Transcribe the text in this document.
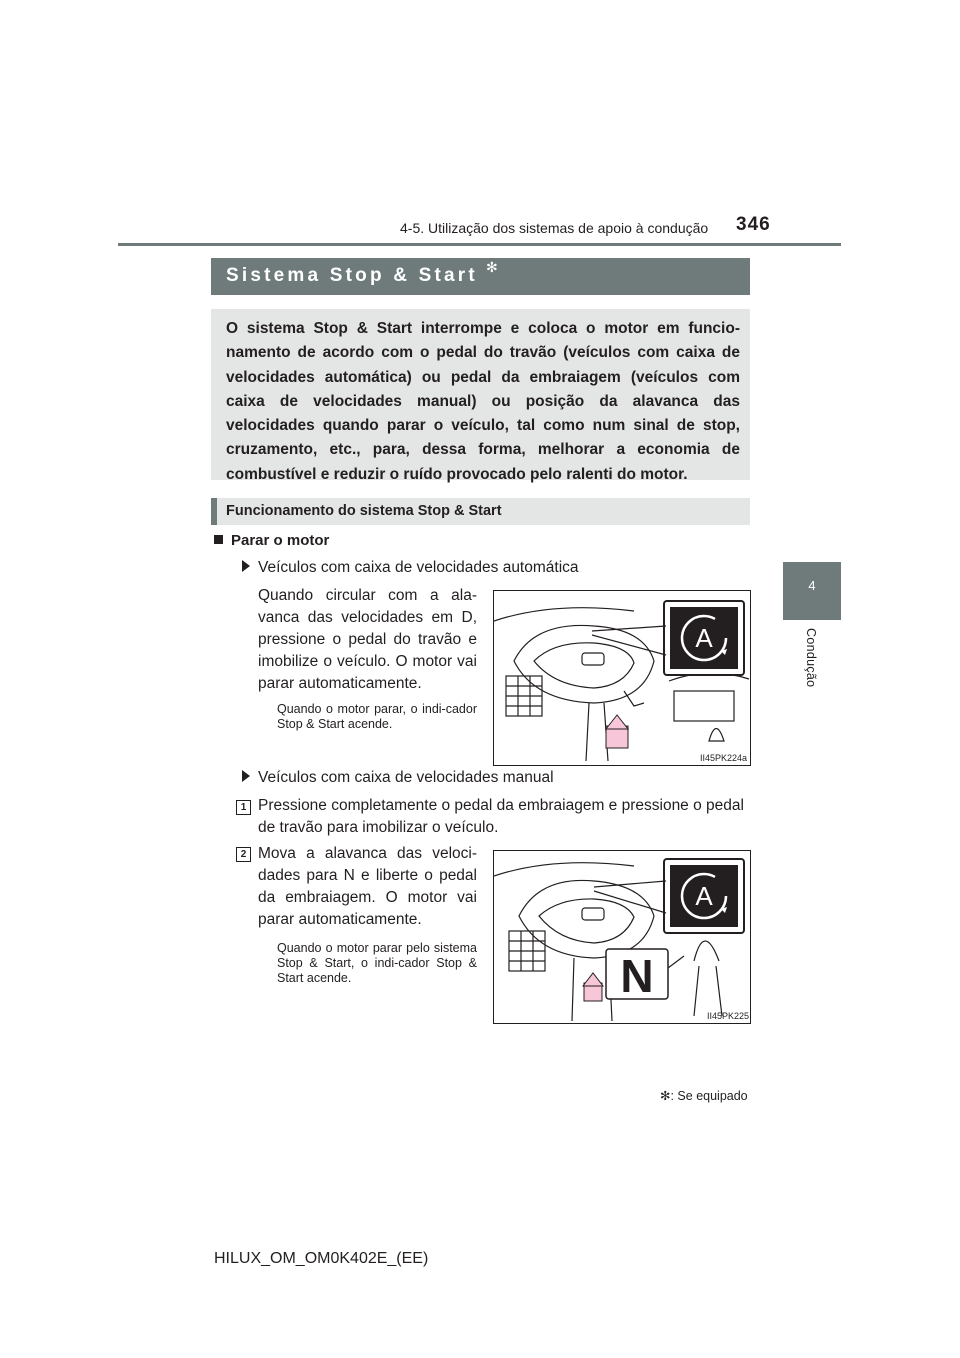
4-5. Utilização dos sistemas de apoio à condução 346
4
Condução
Sistema Stop & Start ✻
O sistema Stop & Start interrompe e coloca o motor em funcio-namento de acordo com o pedal do travão (veículos com caixa de velocidades automática) ou pedal da embraiagem (veículos com caixa de velocidades manual) ou posição da alavanca das velocidades quando parar o veículo, tal como num sinal de stop, cruzamento, etc., para, dessa forma, melhorar a economia de combustível e reduzir o ruído provocado pelo ralenti do motor.
Funcionamento do sistema Stop & Start
Parar o motor
Veículos com caixa de velocidades automática
Quando circular com a ala-vanca das velocidades em D, pressione o pedal do travão e imobilize o veículo. O motor vai parar automaticamente.
Quando o motor parar, o indi-cador Stop & Start acende.
A
II45PK224a
Veículos com caixa de velocidades manual
1 Pressione completamente o pedal da embraiagem e pressione o pedal de travão para imobilizar o veículo.
2 Mova a alavanca das veloci-dades para N e liberte o pedal da embraiagem. O motor vai parar automaticamente.
Quando o motor parar pelo sistema Stop & Start, o indi-cador Stop & Start acende.
A
N
II45PK225
✻: Se equipado
HILUX_OM_OM0K402E_(EE)
